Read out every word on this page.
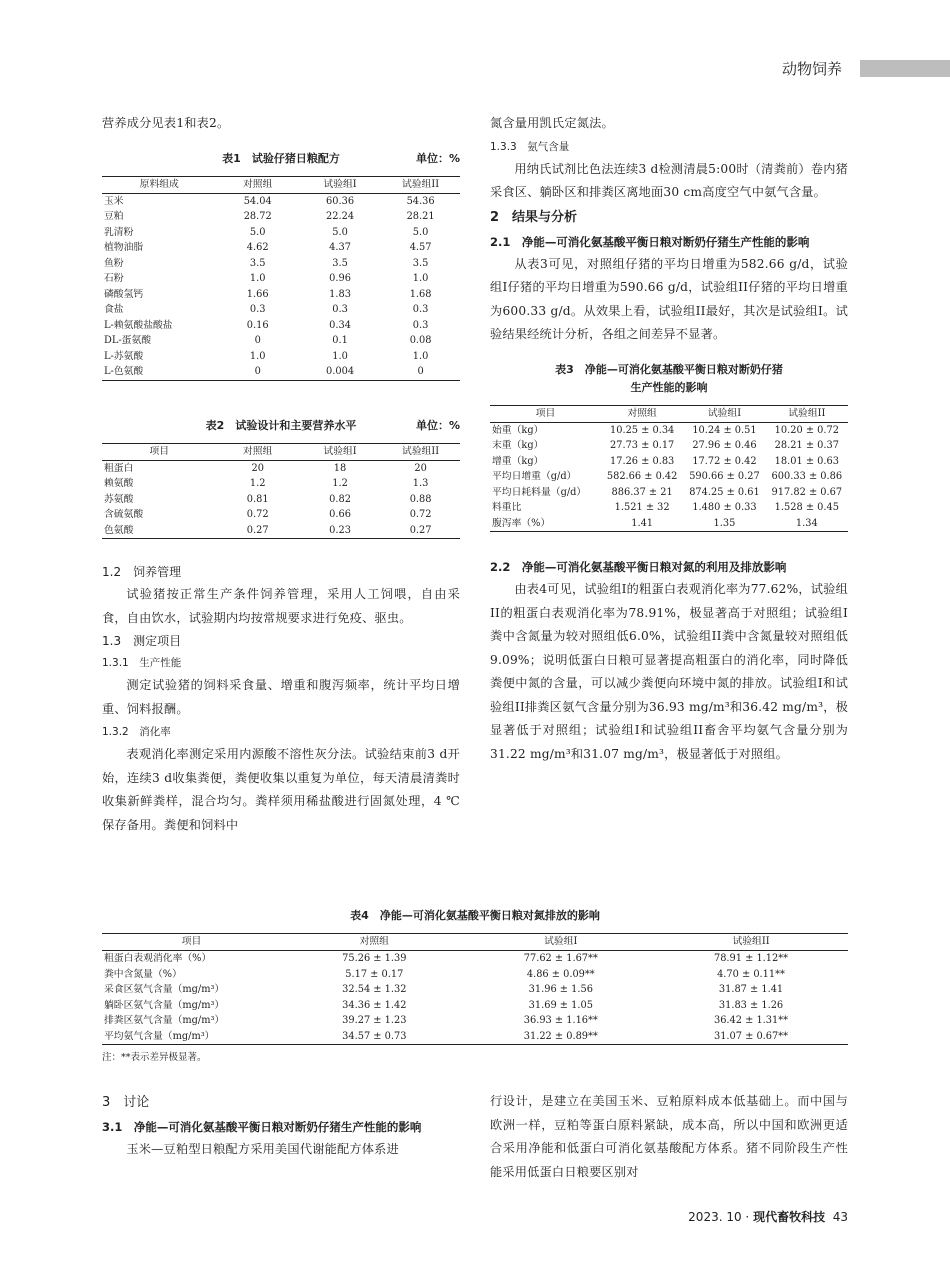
动物饲养

营养成分见表1和表2。

表1　试验仔猪日粮配方	单位：%
原料组成	对照组	试验组I	试验组II
玉米	54.04	60.36	54.36
豆粕	28.72	22.24	28.21
乳清粉	5.0	5.0	5.0
植物油脂	4.62	4.37	4.57
鱼粉	3.5	3.5	3.5
石粉	1.0	0.96	1.0
磷酸氢钙	1.66	1.83	1.68
食盐	0.3	0.3	0.3
L-赖氨酸盐酸盐	0.16	0.34	0.3
DL-蛋氨酸	0	0.1	0.08
L-苏氨酸	1.0	1.0	1.0
L-色氨酸	0	0.004	0
表2　试验设计和主要营养水平	单位：%
项目	对照组	试验组I	试验组II
粗蛋白	20	18	20
赖氨酸	1.2	1.2	1.3
苏氨酸	0.81	0.82	0.88
含硫氨酸	0.72	0.66	0.72
色氨酸	0.27	0.23	0.27
1.2　饲养管理

试验猪按正常生产条件饲养管理，采用人工饲喂，自由采食，自由饮水，试验期内均按常规要求进行免疫、驱虫。

1.3　测定项目
1.3.1　生产性能

测定试验猪的饲料采食量、增重和腹泻频率，统计平均日增重、饲料报酬。

1.3.2　消化率

表观消化率测定采用内源酸不溶性灰分法。试验结束前3 d开始，连续3 d收集粪便，粪便收集以重复为单位，每天清晨清粪时收集新鲜粪样，混合均匀。粪样须用稀盐酸进行固氮处理，4 ℃保存备用。粪便和饲料中

氮含量用凯氏定氮法。

1.3.3　氨气含量

用纳氏试剂比色法连续3 d检测清晨5:00时（清粪前）卷内猪采食区、躺卧区和排粪区离地面30 cm高度空气中氨气含量。

2　结果与分析
2.1　净能—可消化氨基酸平衡日粮对断奶仔猪生产性能的影响

从表3可见，对照组仔猪的平均日增重为582.66 g/d，试验组I仔猪的平均日增重为590.66 g/d，试验组II仔猪的平均日增重为600.33 g/d。从效果上看，试验组II最好，其次是试验组I。试验结果经统计分析，各组之间差异不显著。

表3　净能—可消化氨基酸平衡日粮对断奶仔猪
生产性能的影响
项目	对照组	试验组I	试验组II
始重（kg）	10.25 ± 0.34	10.24 ± 0.51	10.20 ± 0.72
末重（kg）	27.73 ± 0.17	27.96 ± 0.46	28.21 ± 0.37
增重（kg）	17.26 ± 0.83	17.72 ± 0.42	18.01 ± 0.63
平均日增重（g/d）	582.66 ± 0.42	590.66 ± 0.27	600.33 ± 0.86
平均日耗料量（g/d）	886.37 ± 21	874.25 ± 0.61	917.82 ± 0.67
料重比	1.521 ± 32	1.480 ± 0.33	1.528 ± 0.45
腹泻率（%）	1.41	1.35	1.34
2.2　净能—可消化氨基酸平衡日粮对氮的利用及排放影响

由表4可见，试验组I的粗蛋白表观消化率为77.62%，试验组II的粗蛋白表观消化率为78.91%，极显著高于对照组；试验组I粪中含氮量为较对照组低6.0%，试验组II粪中含氮量较对照组低9.09%；说明低蛋白日粮可显著提高粗蛋白的消化率，同时降低粪便中氮的含量，可以减少粪便向环境中氮的排放。试验组I和试验组II排粪区氨气含量分别为36.93 mg/m³和36.42 mg/m³，极显著低于对照组；试验组I和试验组II畜舍平均氨气含量分别为31.22 mg/m³和31.07 mg/m³，极显著低于对照组。

表4　净能—可消化氨基酸平衡日粮对氮排放的影响
项目	对照组	试验组I	试验组II
粗蛋白表观消化率（%）	75.26 ± 1.39	77.62 ± 1.67**	78.91 ± 1.12**
粪中含氮量（%）	5.17 ± 0.17	4.86 ± 0.09**	4.70 ± 0.11**
采食区氨气含量（mg/m³）	32.54 ± 1.32	31.96 ± 1.56	31.87 ± 1.41
躺卧区氨气含量（mg/m³）	34.36 ± 1.42	31.69 ± 1.05	31.83 ± 1.26
排粪区氨气含量（mg/m³）	39.27 ± 1.23	36.93 ± 1.16**	36.42 ± 1.31**
平均氨气含量（mg/m³）	34.57 ± 0.73	31.22 ± 0.89**	31.07 ± 0.67**
注：**表示差异极显著。
3　讨论
3.1　净能—可消化氨基酸平衡日粮对断奶仔猪生产性能的影响

玉米—豆粕型日粮配方采用美国代谢能配方体系进

行设计，是建立在美国玉米、豆粕原料成本低基础上。而中国与欧洲一样，豆粕等蛋白原料紧缺，成本高，所以中国和欧洲更适合采用净能和低蛋白可消化氨基酸配方体系。猪不同阶段生产性能采用低蛋白日粮要区别对

2023. 10 · 现代畜牧科技 43
